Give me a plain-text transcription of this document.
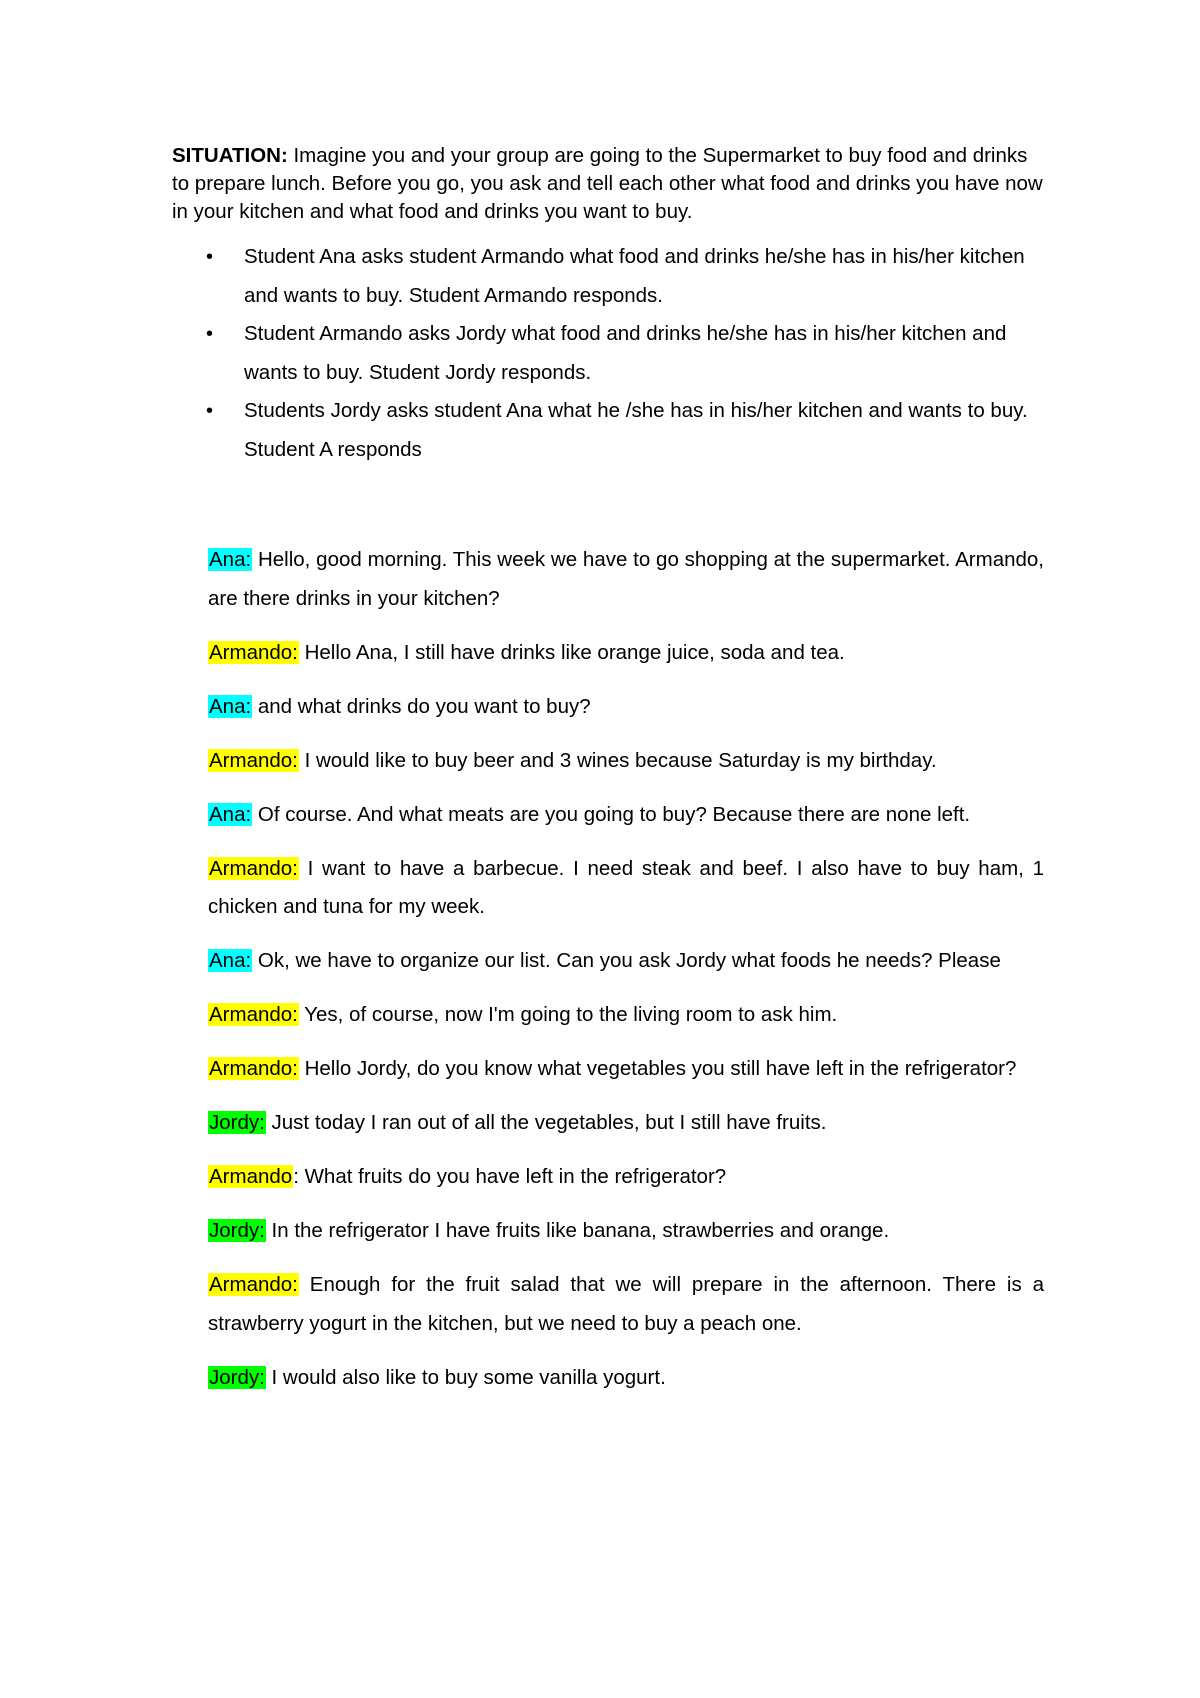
SITUATION: Imagine you and your group are going to the Supermarket to buy food and drinks to prepare lunch. Before you go, you ask and tell each other what food and drinks you have now in your kitchen and what food and drinks you want to buy.

• Student Ana asks student Armando what food and drinks he/she has in his/her kitchen and wants to buy. Student Armando responds.
• Student Armando asks Jordy what food and drinks he/she has in his/her kitchen and wants to buy. Student Jordy responds.
• Students Jordy asks student Ana what he /she has in his/her kitchen and wants to buy. Student A responds

Ana: Hello, good morning. This week we have to go shopping at the supermarket. Armando, are there drinks in your kitchen?

Armando: Hello Ana, I still have drinks like orange juice, soda and tea.

Ana: and what drinks do you want to buy?

Armando: I would like to buy beer and 3 wines because Saturday is my birthday.

Ana: Of course. And what meats are you going to buy? Because there are none left.

Armando: I want to have a barbecue. I need steak and beef. I also have to buy ham, 1 chicken and tuna for my week.

Ana: Ok, we have to organize our list. Can you ask Jordy what foods he needs? Please

Armando: Yes, of course, now I'm going to the living room to ask him.

Armando: Hello Jordy, do you know what vegetables you still have left in the refrigerator?

Jordy: Just today I ran out of all the vegetables, but I still have fruits.

Armando: What fruits do you have left in the refrigerator?

Jordy: In the refrigerator I have fruits like banana, strawberries and orange.

Armando: Enough for the fruit salad that we will prepare in the afternoon. There is a strawberry yogurt in the kitchen, but we need to buy a peach one.

Jordy: I would also like to buy some vanilla yogurt.
